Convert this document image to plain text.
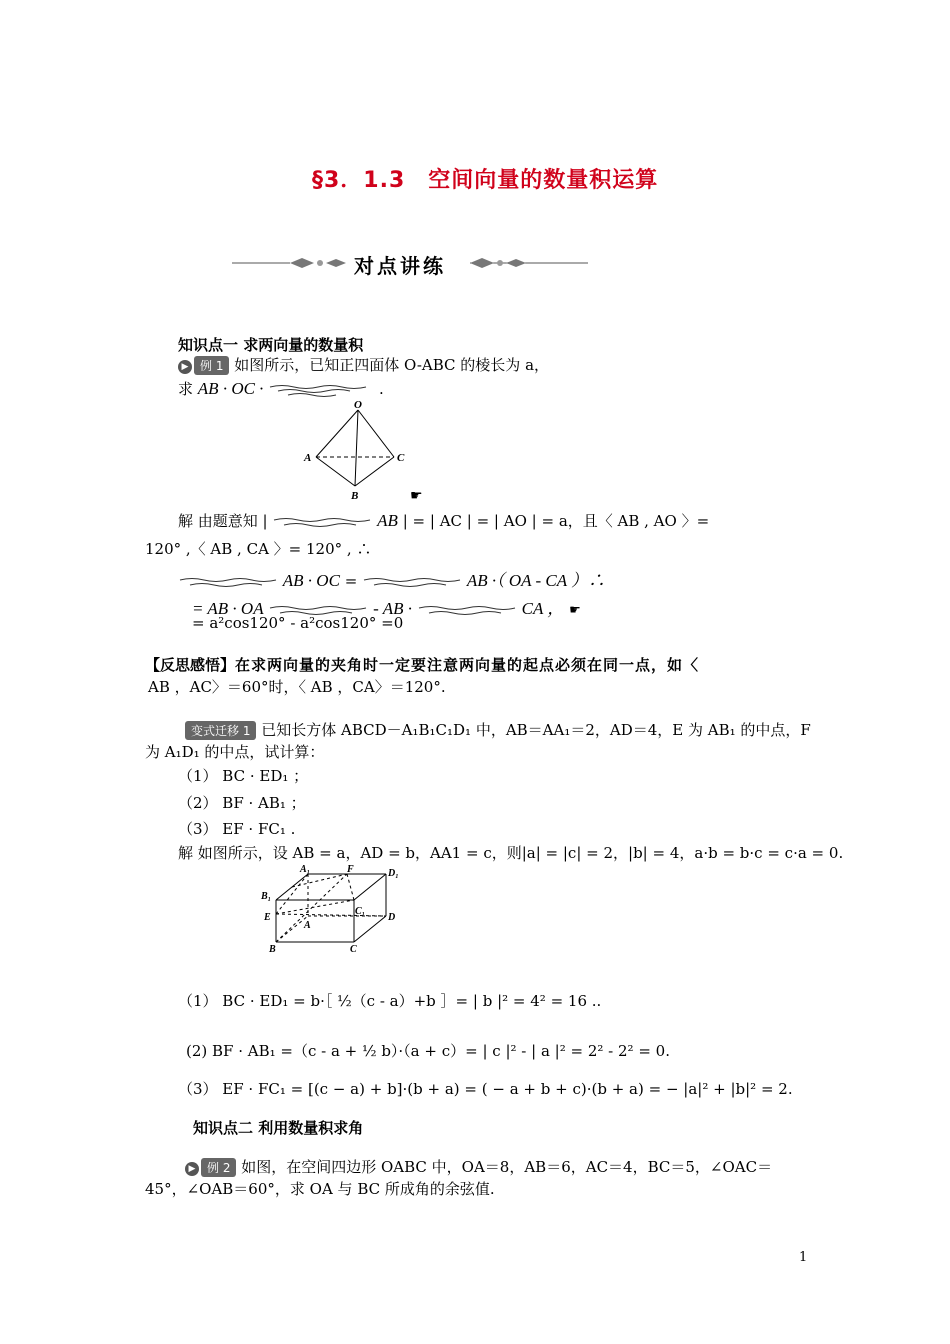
§3．1.3　空间向量的数量积运算
对点讲练
知识点一 求两向量的数量积
▶ 例 1 如图所示，已知正四面体 O-ABC 的棱长为 a，
求 AB · OC ·	.
O
A	C
B	☛
解 由题意知 |	AB | = | AC | = | AO | = a，且〈 AB , AO 〉=
120° ,〈 AB , CA 〉= 120° , ∴
AB · OC =	AB ·（ OA - CA ）∴
= AB · OA	- AB ·	CA ， ☛
= a²cos120° - a²cos120° =0
【反思感悟】在求两向量的夹角时一定要注意两向量的起点必须在同一点，如〈
AB ，AC〉＝60°时，〈 AB ，CA〉＝120°.
变式迁移 1 已知长方体 ABCD－A₁B₁C₁D₁ 中，AB＝AA₁＝2，AD＝4，E 为 AB₁ 的中点，F
为 A₁D₁ 的中点，试计算：
（1） BC · ED₁ ；
（2） BF · AB₁ ；
（3） EF · FC₁ .
解 如图所示，设 AB = a，AD = b，AA1 = c，则|a| = |c| = 2，|b| = 4，a·b = b·c = c·a = 0.
A₁	F	D₁
B₁
C₁
E	D
A
B	C
（1） BC · ED₁ = b·［ ½（c - a）+b ］= | b |² = 4² = 16 ..
(2) BF · AB₁ =（c - a + ½ b）·（a + c）= | c |² - | a |² = 2² - 2² = 0.
（3） EF · FC₁ = [(c − a) + b]·(b + a) = ( − a + b + c)·(b + a) = − |a|² + |b|² = 2.
知识点二 利用数量积求角
▶ 例 2 如图，在空间四边形 OABC 中，OA＝8，AB＝6，AC＝4，BC＝5，∠OAC＝
45°，∠OAB＝60°，求 OA 与 BC 所成角的余弦值.
1
